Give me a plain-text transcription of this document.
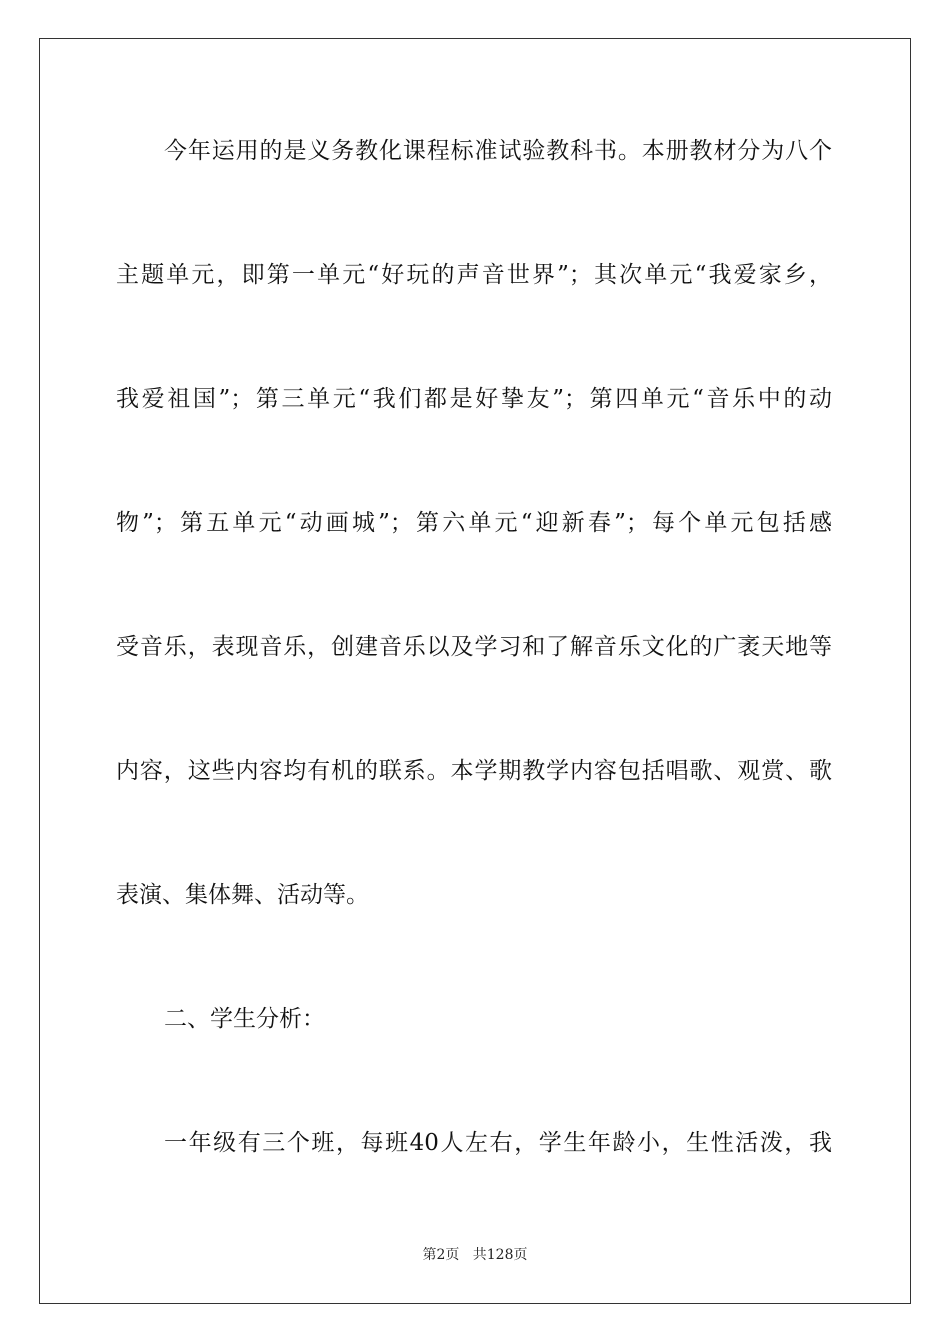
今年运用的是义务教化课程标准试验教科书。本册教材分为八个

主题单元，即第一单元“好玩的声音世界”；其次单元“我爱家乡，

我爱祖国”；第三单元“我们都是好挚友”；第四单元“音乐中的动

物”；第五单元“动画城”；第六单元“迎新春”；每个单元包括感

受音乐，表现音乐，创建音乐以及学习和了解音乐文化的广袤天地等

内容，这些内容均有机的联系。本学期教学内容包括唱歌、观赏、歌

表演、集体舞、活动等。

二、学生分析：

一年级有三个班，每班40人左右，学生年龄小，生性活泼，我

第2页 共128页
